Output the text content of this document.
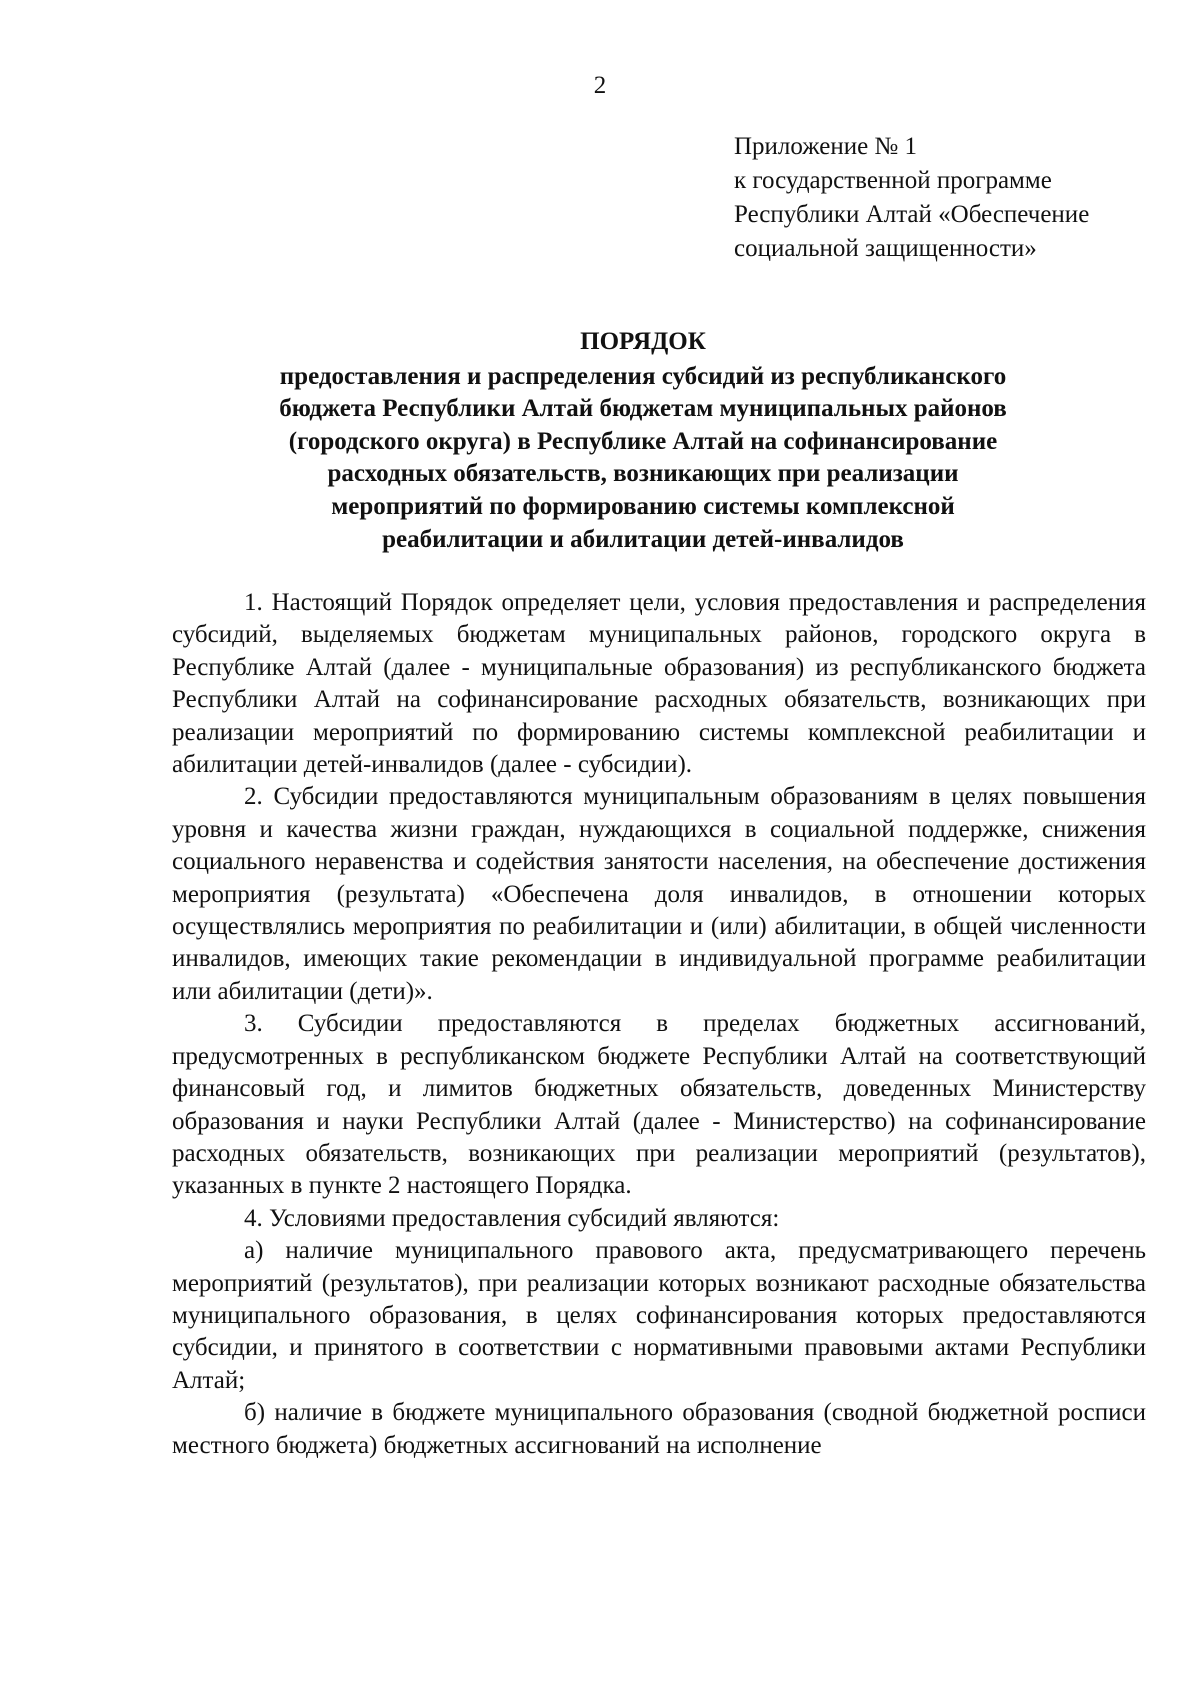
2
Приложение № 1
к государственной программе
Республики Алтай «Обеспечение
социальной защищенности»
ПОРЯДОК
предоставления и распределения субсидий из республиканского
бюджета Республики Алтай бюджетам муниципальных районов
(городского округа) в Республике Алтай на софинансирование
расходных обязательств, возникающих при реализации
мероприятий по формированию системы комплексной
реабилитации и абилитации детей-инвалидов

1. Настоящий Порядок определяет цели, условия предоставления и распределения субсидий, выделяемых бюджетам муниципальных районов, городского округа в Республике Алтай (далее - муниципальные образования) из республиканского бюджета Республики Алтай на софинансирование расходных обязательств, возникающих при реализации мероприятий по формированию системы комплексной реабилитации и абилитации детей-инвалидов (далее - субсидии).

2. Субсидии предоставляются муниципальным образованиям в целях повышения уровня и качества жизни граждан, нуждающихся в социальной поддержке, снижения социального неравенства и содействия занятости населения, на обеспечение достижения мероприятия (результата) «Обеспечена доля инвалидов, в отношении которых осуществлялись мероприятия по реабилитации и (или) абилитации, в общей численности инвалидов, имеющих такие рекомендации в индивидуальной программе реабилитации или абилитации (дети)».

3. Субсидии предоставляются в пределах бюджетных ассигнований, предусмотренных в республиканском бюджете Республики Алтай на соответствующий финансовый год, и лимитов бюджетных обязательств, доведенных Министерству образования и науки Республики Алтай (далее - Министерство) на софинансирование расходных обязательств, возникающих при реализации мероприятий (результатов), указанных в пункте 2 настоящего Порядка.

4. Условиями предоставления субсидий являются:

а) наличие муниципального правового акта, предусматривающего перечень мероприятий (результатов), при реализации которых возникают расходные обязательства муниципального образования, в целях софинансирования которых предоставляются субсидии, и принятого в соответствии с нормативными правовыми актами Республики Алтай;

б) наличие в бюджете муниципального образования (сводной бюджетной росписи местного бюджета) бюджетных ассигнований на исполнение
